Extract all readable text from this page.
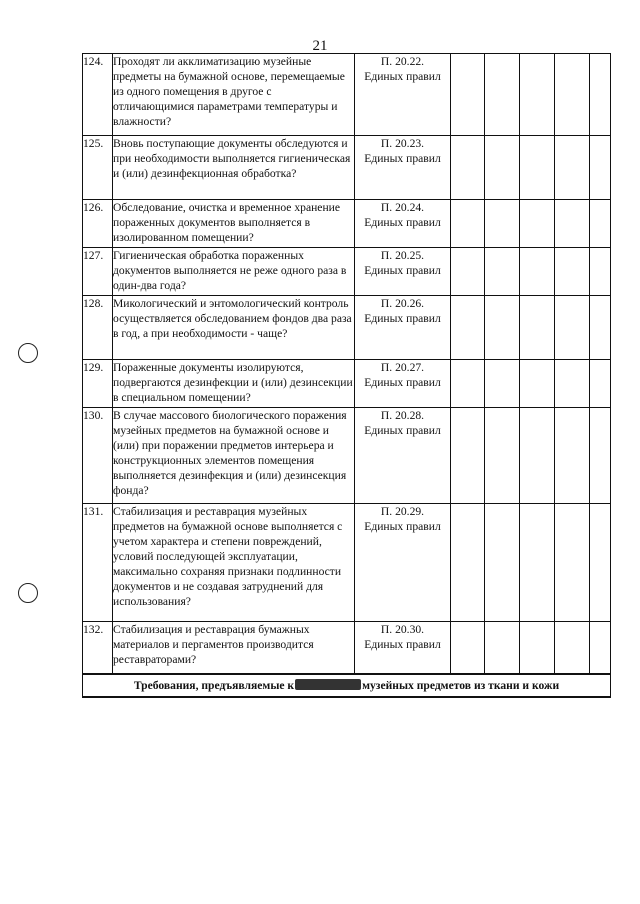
21
124.	Проходят ли акклиматизацию музейные предметы на бумажной основе, перемещаемые из одного помещения в другое с отличающимися параметрами температуры и влажности?	П. 20.22.
Единых правил					

125.	Вновь поступающие документы обследуются и при необходимости выполняется гигиеническая и (или) дезинфекционная обработка?	П. 20.23.
Единых правил					

126.	Обследование, очистка и временное хранение пораженных документов выполняется в изолированном помещении?	П. 20.24.
Единых правил					

127.	Гигиеническая обработка пораженных документов выполняется не реже одного раза в один-два года?	П. 20.25.
Единых правил					

128.	Микологический и энтомологический контроль осуществляется обследованием фондов два раза в год, а при необходимости - чаще?	П. 20.26.
Единых правил					

129.	Пораженные документы изолируются, подвергаются дезинфекции и (или) дезинсекции в специальном помещении?	П. 20.27.
Единых правил					

130.	В случае массового биологического поражения музейных предметов на бумажной основе и (или) при поражении предметов интерьера и конструкционных элементов помещения выполняется дезинфекция и (или) дезинсекция фонда?	П. 20.28.
Единых правил					

131.	Стабилизация и реставрация музейных предметов на бумажной основе выполняется с учетом характера и степени повреждений, условий последующей эксплуатации, максимально сохраняя признаки подлинности документов и не создавая затруднений для использования?	П. 20.29.
Единых правил					

132.	Стабилизация и реставрация бумажных материалов и пергаментов производится реставраторами?	П. 20.30.
Единых правил					

Требования, предъявляемые к музейных предметов из ткани и кожи							
